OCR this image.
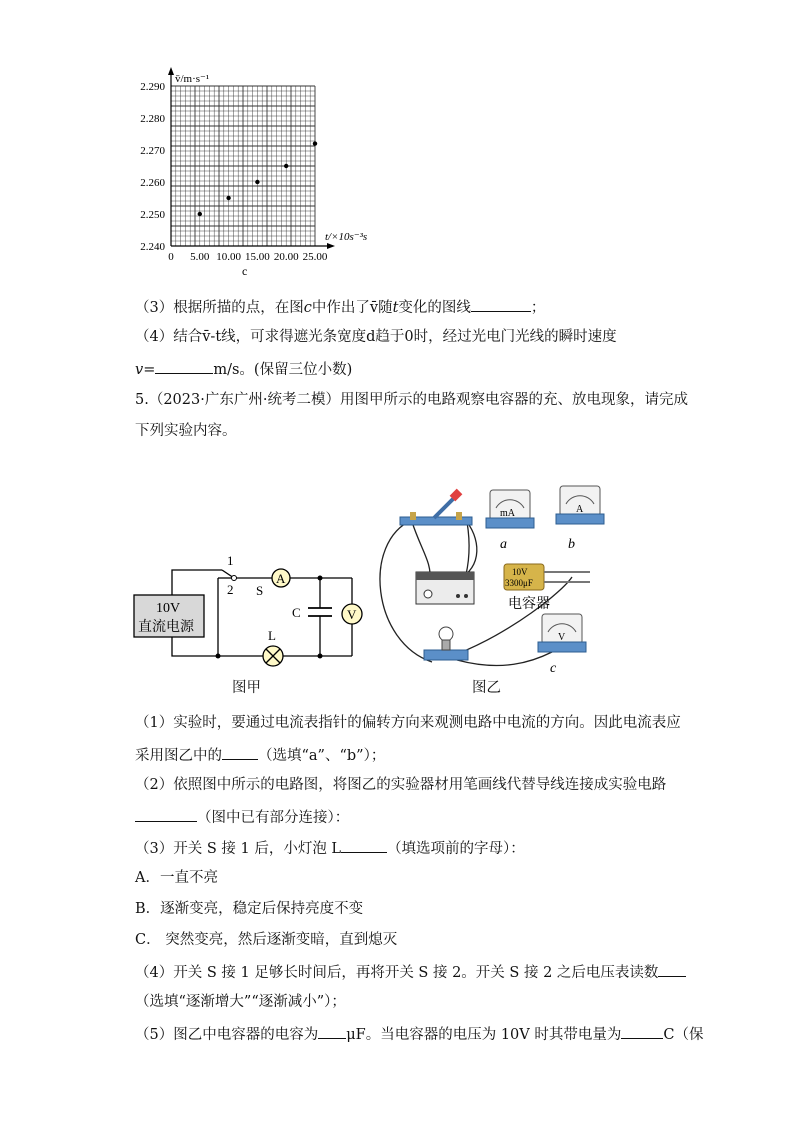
v̄/m·s⁻¹
t/×10s⁻³s
2.290
2.280
2.270
2.260
2.250
2.240
0 5.00 10.00 15.00 20.00 25.00
c
（3）根据所描的点，在图c中作出了v̄随t变化的图线	；
（4）结合v̄-t线，可求得遮光条宽度d趋于0时，经过光电门光线的瞬时速度
v=	m/s。(保留三位小数)
5.（2023·广东广州·统考二模）用图甲所示的电路观察电容器的充、放电现象，请完成
下列实验内容。
10V
直流电源
1
2 S
A
C	V
L
图甲
mA
a
A
b
10V
3300μF
电容器
V
c
图乙
（1）实验时，要通过电流表指针的偏转方向来观测电路中电流的方向。因此电流表应
采用图乙中的 （选填“a”、“b”）；
（2）依照图中所示的电路图，将图乙的实验器材用笔画线代替导线连接成实验电路
（图中已有部分连接）：
（3）开关 S 接 1 后，小灯泡 L	（填选项前的字母）：
A．一直不亮
B．逐渐变亮，稳定后保持亮度不变
C． 突然变亮，然后逐渐变暗，直到熄灭
（4）开关 S 接 1 足够长时间后，再将开关 S 接 2。开关 S 接 2 之后电压表读数
（选填“逐渐增大”“逐渐减小”）；
（5）图乙中电容器的电容为 μF。当电容器的电压为 10V 时其带电量为	C（保
